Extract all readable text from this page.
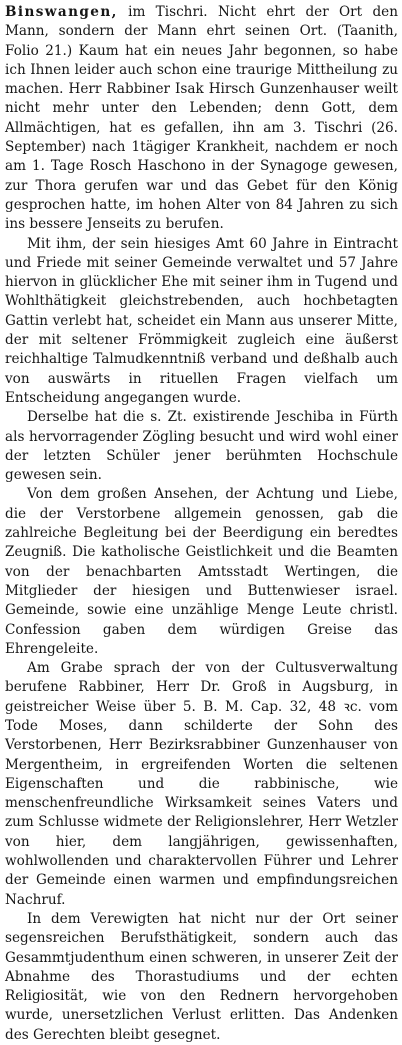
Binswangen, im Tischri. Nicht ehrt der Ort den Mann, sondern der Mann ehrt seinen Ort. (Taanith, Folio 21.) Kaum hat ein neues Jahr begonnen, so habe ich Ihnen leider auch schon eine traurige Mittheilung zu machen. Herr Rabbiner Isak Hirsch Gunzenhauser weilt nicht mehr unter den Lebenden; denn Gott, dem Allmächtigen, hat es gefallen, ihn am 3. Tischri (26. September) nach 1tägiger Krankheit, nachdem er noch am 1. Tage Rosch Haschono in der Synagoge gewesen, zur Thora gerufen war und das Gebet für den König gesprochen hatte, im hohen Alter von 84 Jahren zu sich ins bessere Jenseits zu berufen.

Mit ihm, der sein hiesiges Amt 60 Jahre in Eintracht und Friede mit seiner Gemeinde verwaltet und 57 Jahre hiervon in glücklicher Ehe mit seiner ihm in Tugend und Wohlthätigkeit gleichstrebenden, auch hochbetagten Gattin verlebt hat, scheidet ein Mann aus unserer Mitte, der mit seltener Frömmigkeit zugleich eine äußerst reichhaltige Talmudkenntniß verband und deßhalb auch von auswärts in rituellen Fragen vielfach um Entscheidung angegangen wurde.

Derselbe hat die s. Zt. existirende Jeschiba in Fürth als hervorragender Zögling besucht und wird wohl einer der letzten Schüler jener berühmten Hochschule gewesen sein.

Von dem großen Ansehen, der Achtung und Liebe, die der Verstorbene allgemein genossen, gab die zahlreiche Begleitung bei der Beerdigung ein beredtes Zeugniß. Die katholische Geistlichkeit und die Beamten von der benachbarten Amtsstadt Wertingen, die Mitglieder der hiesigen und Buttenwieser israel. Gemeinde, sowie eine unzählige Menge Leute christl. Confession gaben dem würdigen Greise das Ehrengeleite.

Am Grabe sprach der von der Cultusverwaltung berufene Rabbiner, Herr Dr. Groß in Augsburg, in geistreicher Weise über 5. B. M. Cap. 32, 48 ꝛc. vom Tode Moses, dann schilderte der Sohn des Verstorbenen, Herr Bezirksrabbiner Gunzenhauser von Mergentheim, in ergreifenden Worten die seltenen Eigenschaften und die rabbinische, wie menschenfreundliche Wirksamkeit seines Vaters und zum Schlusse widmete der Religionslehrer, Herr Wetzler von hier, dem langjährigen, gewissenhaften, wohlwollenden und charaktervollen Führer und Lehrer der Gemeinde einen warmen und empfindungsreichen Nachruf.

In dem Verewigten hat nicht nur der Ort seiner segensreichen Berufsthätigkeit, sondern auch das Gesammtjudenthum einen schweren, in unserer Zeit der Abnahme des Thorastudiums und der echten Religiosität, wie von den Rednern hervorgehoben wurde, unersetzlichen Verlust erlitten. Das Andenken des Gerechten bleibt gesegnet.
